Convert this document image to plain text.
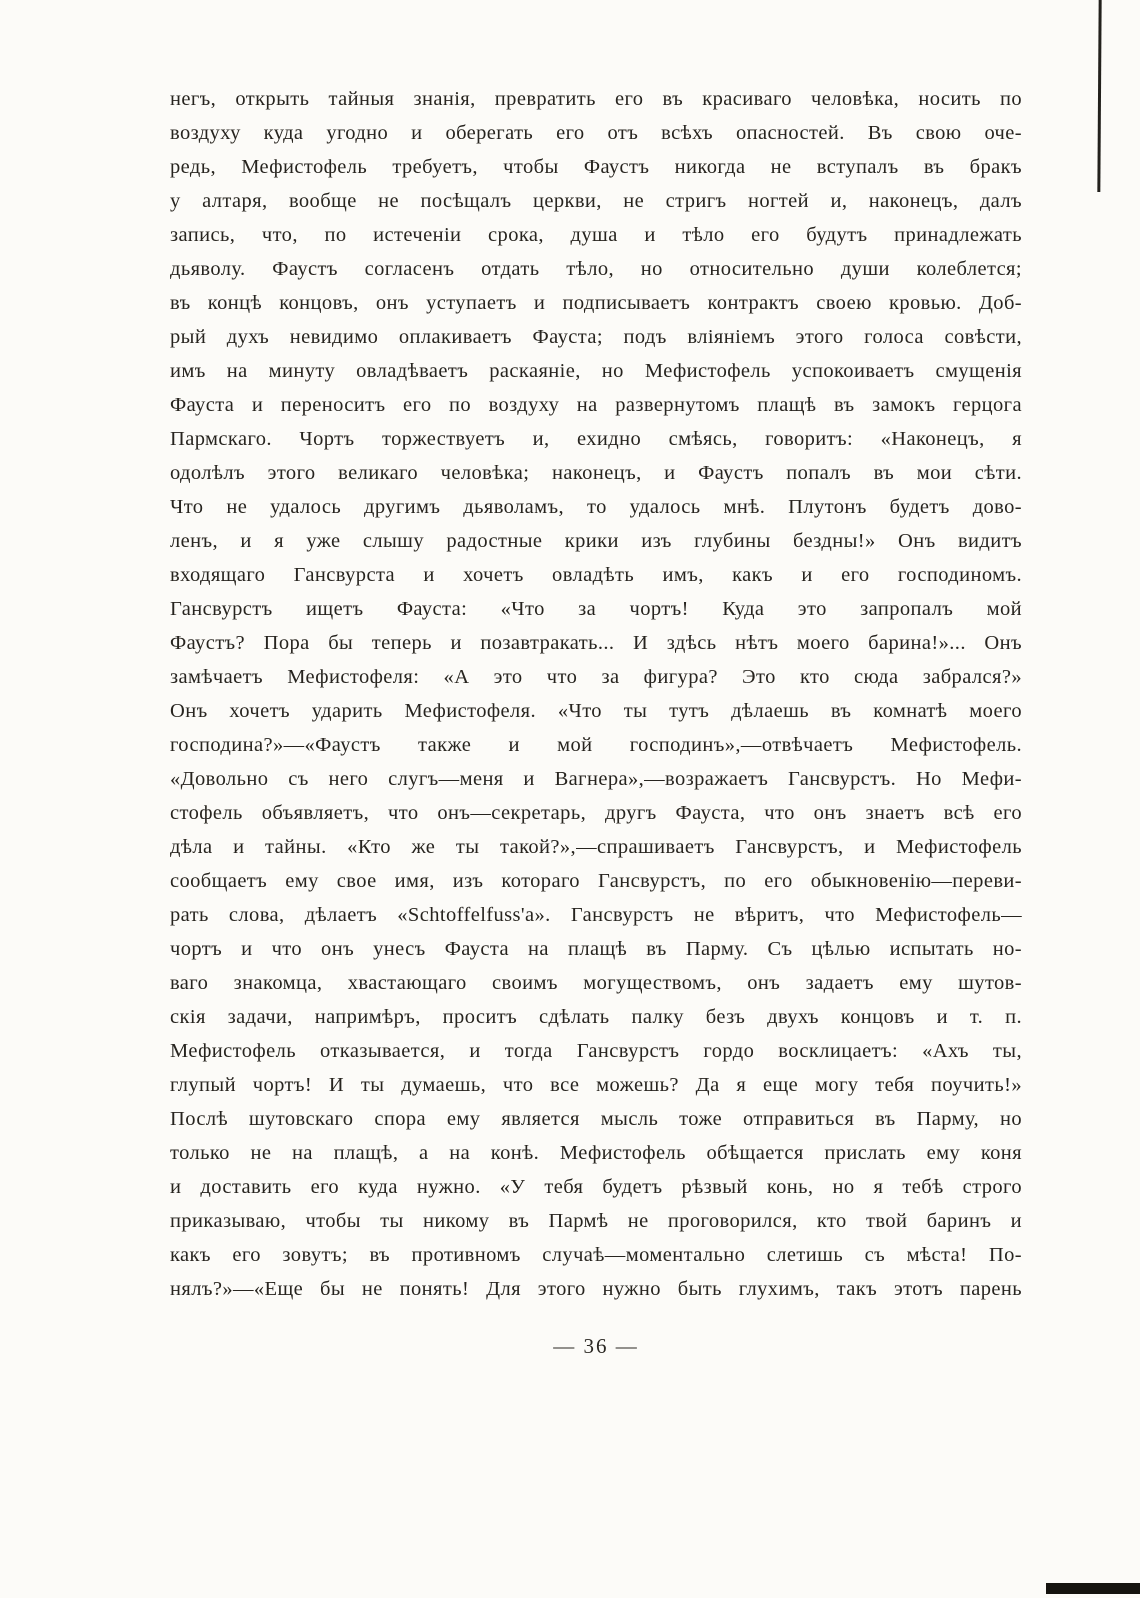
негъ, открыть тайныя знанія, превратить его въ красиваго человѣка, носить по
воздуху куда угодно и оберегать его отъ всѣхъ опасностей. Въ свою оче-
редь, Мефистофель требуетъ, чтобы Фаустъ никогда не вступалъ въ бракъ
у алтаря, вообще не посѣщалъ церкви, не стригъ ногтей и, наконецъ, далъ
запись, что, по истеченіи срока, душа и тѣло его будутъ принадлежать
дьяволу. Фаустъ согласенъ отдать тѣло, но относительно души колеблется;
въ концѣ концовъ, онъ уступаетъ и подписываетъ контрактъ своею кровью. Доб-
рый духъ невидимо оплакиваетъ Фауста; подъ вліяніемъ этого голоса совѣсти,
имъ на минуту овладѣваетъ раскаяніе, но Мефистофель успокоиваетъ смущенія
Фауста и переноситъ его по воздуху на развернутомъ плащѣ въ замокъ герцога
Пармскаго. Чортъ торжествуетъ и, ехидно смѣясь, говоритъ: «Наконецъ, я
одолѣлъ этого великаго человѣка; наконецъ, и Фаустъ попалъ въ мои сѣти.
Что не удалось другимъ дьяволамъ, то удалось мнѣ. Плутонъ будетъ дово-
ленъ, и я уже слышу радостные крики изъ глубины бездны!» Онъ видитъ
входящаго Гансвурста и хочетъ овладѣть имъ, какъ и его господиномъ.
Гансвурстъ ищетъ Фауста: «Что за чортъ! Куда это запропалъ мой
Фаустъ? Пора бы теперь и позавтракать... И здѣсь нѣтъ моего барина!»... Онъ
замѣчаетъ Мефистофеля: «А это что за фигура? Это кто сюда забрался?»
Онъ хочетъ ударить Мефистофеля. «Что ты тутъ дѣлаешь въ комнатѣ моего
господина?»—«Фаустъ также и мой господинъ»,—отвѣчаетъ Мефистофель.
«Довольно съ него слугъ—меня и Вагнера»,—возражаетъ Гансвурстъ. Но Мефи-
стофель объявляетъ, что онъ—секретарь, другъ Фауста, что онъ знаетъ всѣ его
дѣла и тайны. «Кто же ты такой?»,—спрашиваетъ Гансвурстъ, и Мефистофель
сообщаетъ ему свое имя, изъ котораго Гансвурстъ, по его обыкновенію—переви-
рать слова, дѣлаетъ «Schtoffelfuss'а». Гансвурстъ не вѣритъ, что Мефистофель—
чортъ и что онъ унесъ Фауста на плащѣ въ Парму. Съ цѣлью испытать но-
ваго знакомца, хвастающаго своимъ могуществомъ, онъ задаетъ ему шутов-
скія задачи, напримѣръ, проситъ сдѣлать палку безъ двухъ концовъ и т. п.
Мефистофель отказывается, и тогда Гансвурстъ гордо восклицаетъ: «Ахъ ты,
глупый чортъ! И ты думаешь, что все можешь? Да я еще могу тебя поучить!»
Послѣ шутовскаго спора ему является мысль тоже отправиться въ Парму, но
только не на плащѣ, а на конѣ. Мефистофель обѣщается прислать ему коня
и доставить его куда нужно. «У тебя будетъ рѣзвый конь, но я тебѣ строго
приказываю, чтобы ты никому въ Пармѣ не проговорился, кто твой баринъ и
какъ его зовутъ; въ противномъ случаѣ—моментально слетишь съ мѣста! По-
нялъ?»—«Еще бы не понять! Для этого нужно быть глухимъ, такъ этотъ парень
— 36 —
